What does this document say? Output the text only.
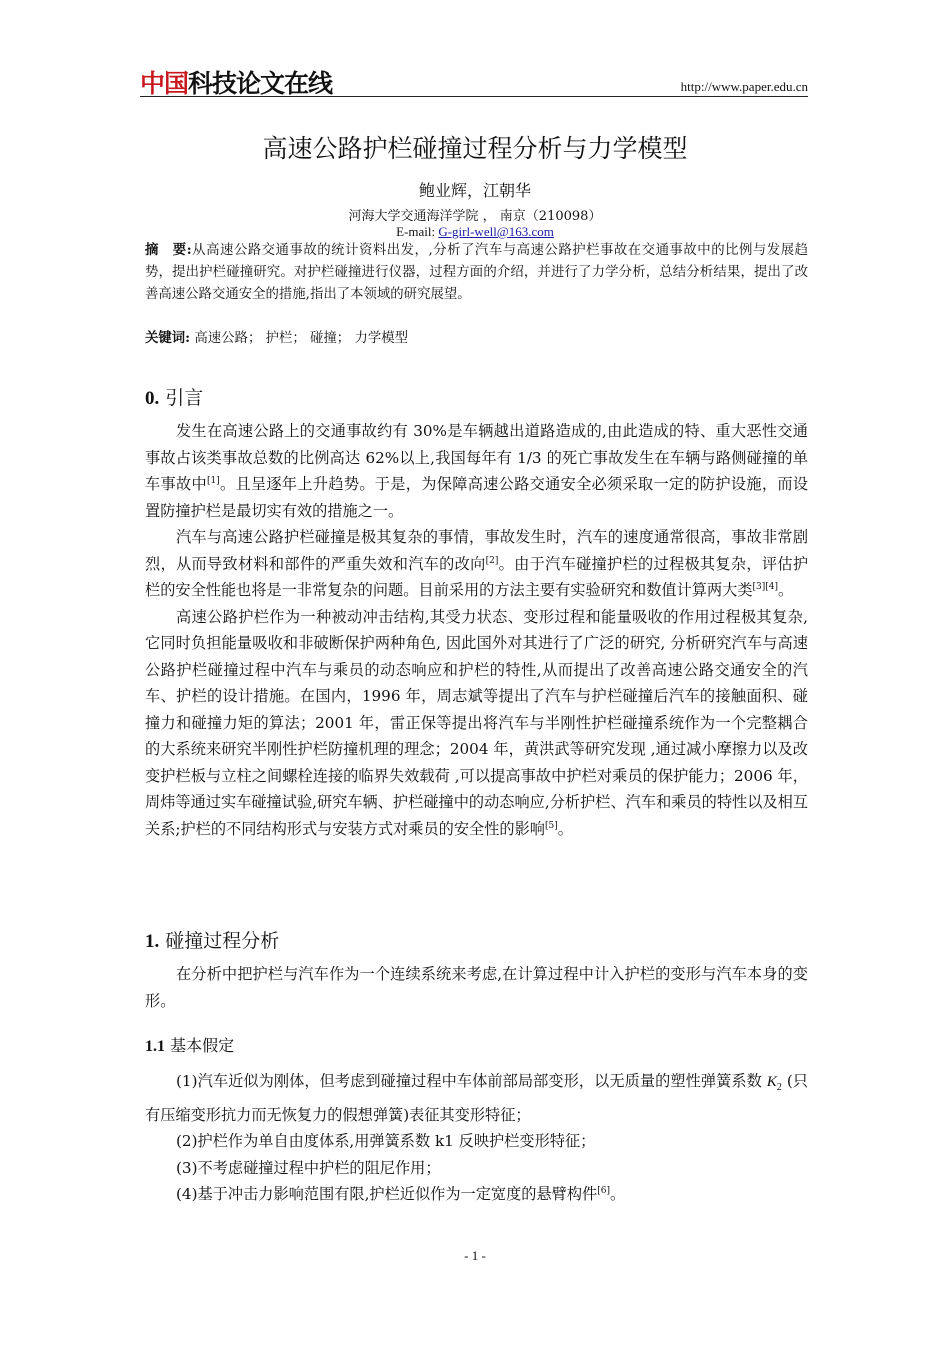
中国科技论文在线	http://www.paper.edu.cn
高速公路护栏碰撞过程分析与力学模型
鲍业辉，江朝华
河海大学交通海洋学院 ， 南京（210098）
E-mail: G-girl-well@163.com
摘　要:从高速公路交通事故的统计资料出发，,分析了汽车与高速公路护栏事故在交通事故中的比例与发展趋势，提出护栏碰撞研究。对护栏碰撞进行仪器，过程方面的介绍，并进行了力学分析，总结分析结果，提出了改善高速公路交通安全的措施,指出了本领域的研究展望。
关键词: 高速公路； 护栏； 碰撞； 力学模型
0. 引言

发生在高速公路上的交通事故约有 30%是车辆越出道路造成的,由此造成的特、重大恶性交通事故占该类事故总数的比例高达 62%以上,我国每年有 1/3 的死亡事故发生在车辆与路侧碰撞的单车事故中[1]。且呈逐年上升趋势。于是，为保障高速公路交通安全必须采取一定的防护设施，而设置防撞护栏是最切实有效的措施之一。

汽车与高速公路护栏碰撞是极其复杂的事情，事故发生时，汽车的速度通常很高，事故非常剧烈，从而导致材料和部件的严重失效和汽车的改向[2]。由于汽车碰撞护栏的过程极其复杂，评估护栏的安全性能也将是一非常复杂的问题。目前采用的方法主要有实验研究和数值计算两大类[3][4]。

高速公路护栏作为一种被动冲击结构,其受力状态、变形过程和能量吸收的作用过程极其复杂, 它同时负担能量吸收和非破断保护两种角色, 因此国外对其进行了广泛的研究, 分析研究汽车与高速公路护栏碰撞过程中汽车与乘员的动态响应和护栏的特性,从而提出了改善高速公路交通安全的汽车、护栏的设计措施。在国内，1996 年，周志斌等提出了汽车与护栏碰撞后汽车的接触面积、碰撞力和碰撞力矩的算法；2001 年，雷正保等提出将汽车与半刚性护栏碰撞系统作为一个完整耦合的大系统来研究半刚性护栏防撞机理的理念；2004 年，黄洪武等研究发现 ,通过减小摩擦力以及改变护栏板与立柱之间螺栓连接的临界失效载荷 ,可以提高事故中护栏对乘员的保护能力；2006 年，周炜等通过实车碰撞试验,研究车辆、护栏碰撞中的动态响应,分析护栏、汽车和乘员的特性以及相互关系;护栏的不同结构形式与安装方式对乘员的安全性的影响[5]。

1. 碰撞过程分析

在分析中把护栏与汽车作为一个连续系统来考虑,在计算过程中计入护栏的变形与汽车本身的变形。

1.1 基本假定

(1)汽车近似为刚体，但考虑到碰撞过程中车体前部局部变形，以无质量的塑性弹簧系数 $K_2$ (只有压缩变形抗力而无恢复力的假想弹簧)表征其变形特征；

(2)护栏作为单自由度体系,用弹簧系数 k1 反映护栏变形特征；

(3)不考虑碰撞过程中护栏的阻尼作用；

(4)基于冲击力影响范围有限,护栏近似作为一定宽度的悬臂构件[6]。

- 1 -
